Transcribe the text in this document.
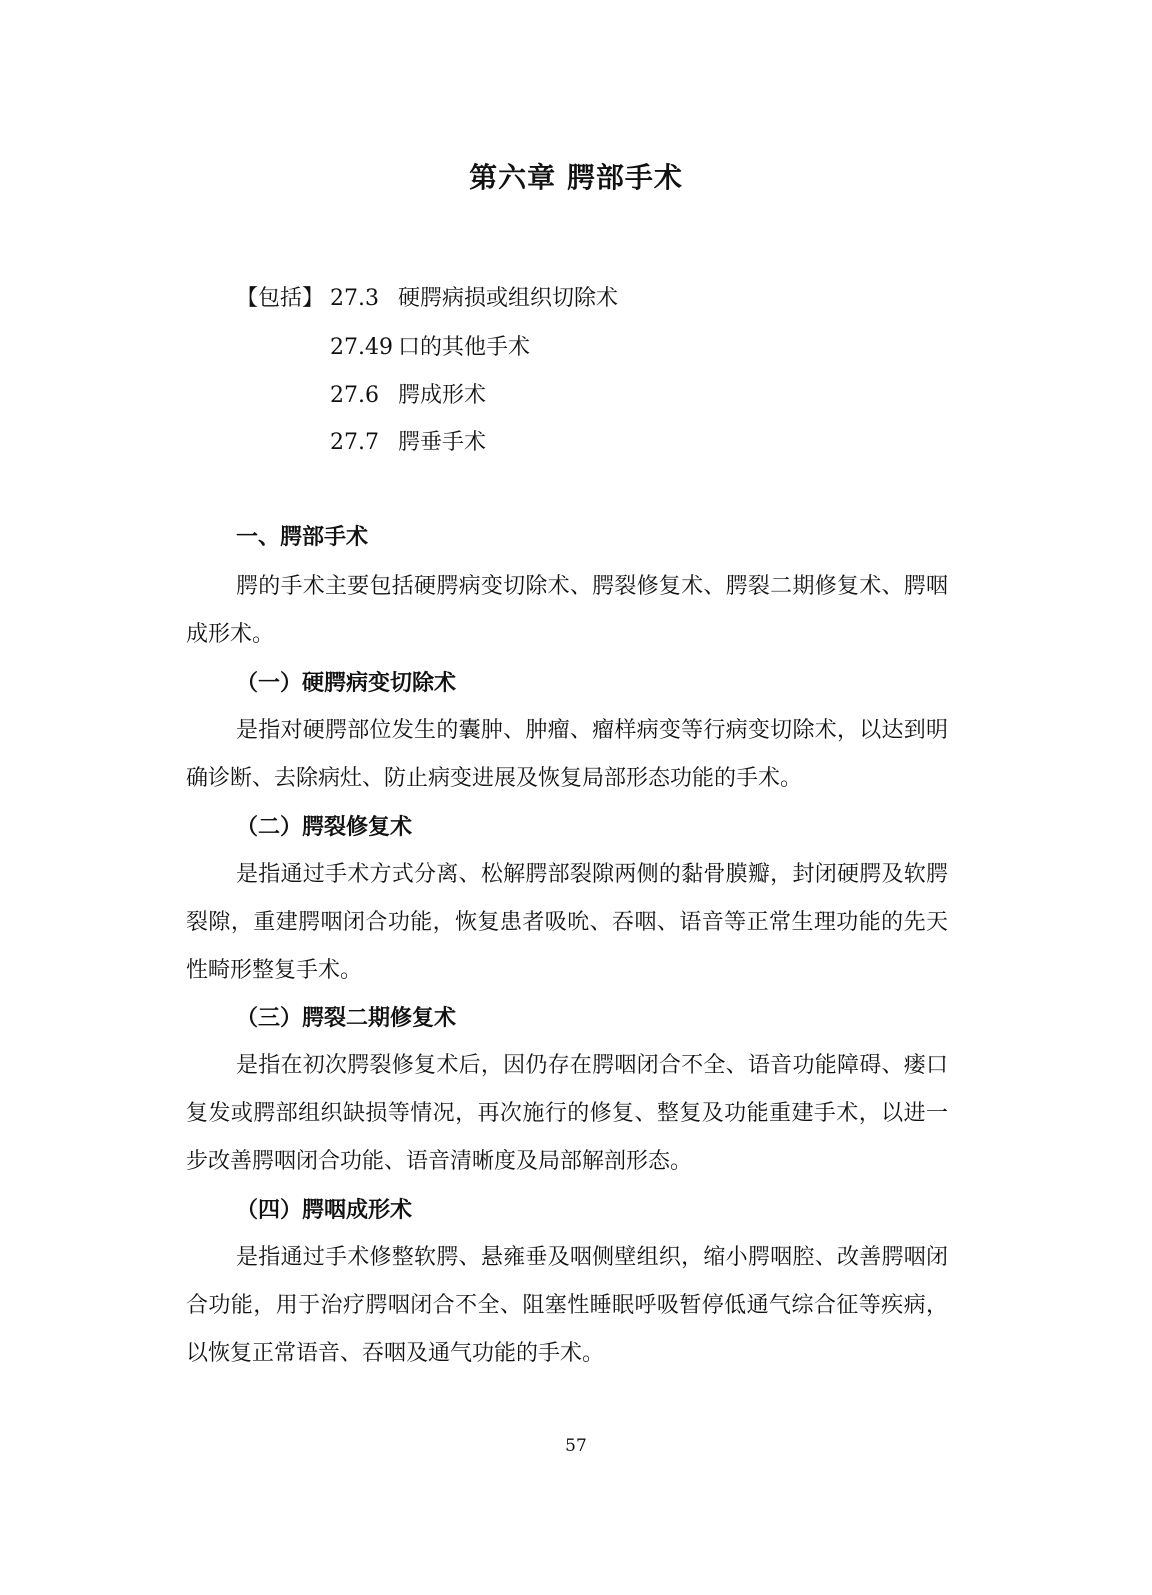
第六章 腭部手术
【包括】 27.3 硬腭病损或组织切除术
27.49 口的其他手术
27.6 腭成形术
27.7 腭垂手术
一、腭部手术

腭的手术主要包括硬腭病变切除术、腭裂修复术、腭裂二期修复术、腭咽成形术。

（一）硬腭病变切除术

是指对硬腭部位发生的囊肿、肿瘤、瘤样病变等行病变切除术，以达到明确诊断、去除病灶、防止病变进展及恢复局部形态功能的手术。

（二）腭裂修复术

是指通过手术方式分离、松解腭部裂隙两侧的黏骨膜瓣，封闭硬腭及软腭裂隙，重建腭咽闭合功能，恢复患者吸吮、吞咽、语音等正常生理功能的先天性畸形整复手术。

（三）腭裂二期修复术

是指在初次腭裂修复术后，因仍存在腭咽闭合不全、语音功能障碍、瘘口复发或腭部组织缺损等情况，再次施行的修复、整复及功能重建手术，以进一步改善腭咽闭合功能、语音清晰度及局部解剖形态。

（四）腭咽成形术

是指通过手术修整软腭、悬雍垂及咽侧壁组织，缩小腭咽腔、改善腭咽闭合功能，用于治疗腭咽闭合不全、阻塞性睡眠呼吸暂停低通气综合征等疾病，以恢复正常语音、吞咽及通气功能的手术。

57
